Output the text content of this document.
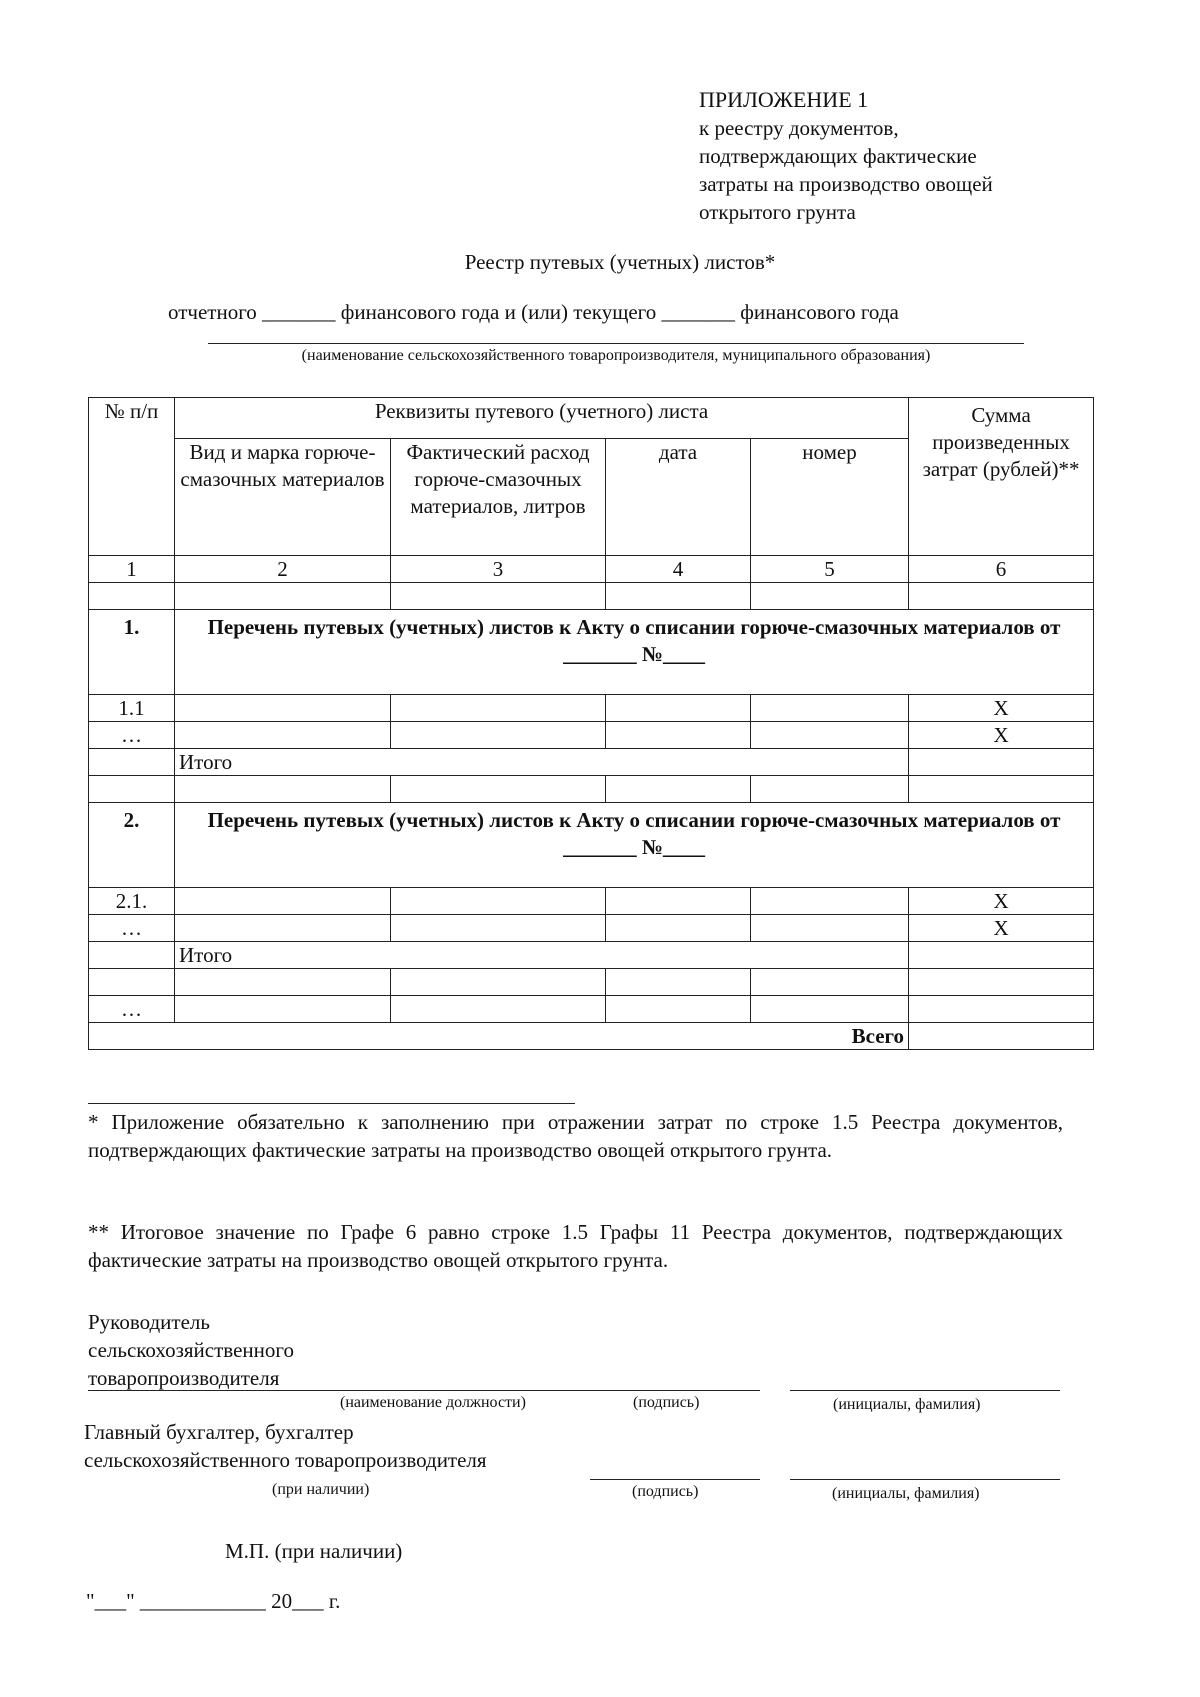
ПРИЛОЖЕНИЕ 1
к реестру документов,
подтверждающих фактические
затраты на производство овощей
открытого грунта
Реестр путевых (учетных) листов*
отчетного _______ финансового года и (или) текущего _______ финансового года
(наименование сельскохозяйственного товаропроизводителя, муниципального образования)
№ п/п	Реквизиты путевого (учетного) листа				Сумма произведенных затрат (рублей)**
	Вид и марка горюче-смазочных материалов	Фактический расход горюче-смазочных материалов, литров	дата	номер	
1	2	3	4	5	6

1.	Перечень путевых (учетных) листов к Акту о списании горюче-смазочных материалов от _______ №____				
1.1					X
…					X
	Итого				

2.	Перечень путевых (учетных) листов к Акту о списании горюче-смазочных материалов от _______ №____				
2.1.					X
…					X
	Итого				

…					
Всего					
* Приложение обязательно к заполнению при отражении затрат по строке 1.5 Реестра документов, подтверждающих фактические затраты на производство овощей открытого грунта.
** Итоговое значение по Графе 6 равно строке 1.5 Графы 11 Реестра документов, подтверждающих фактические затраты на производство овощей открытого грунта.
Руководитель
сельскохозяйственного
товаропроизводителя
(наименование должности)	(подпись)	(инициалы, фамилия)
Главный бухгалтер, бухгалтер
сельскохозяйственного товаропроизводителя
(при наличии)	(подпись)	(инициалы, фамилия)
М.П. (при наличии)
"___" ____________ 20___ г.
